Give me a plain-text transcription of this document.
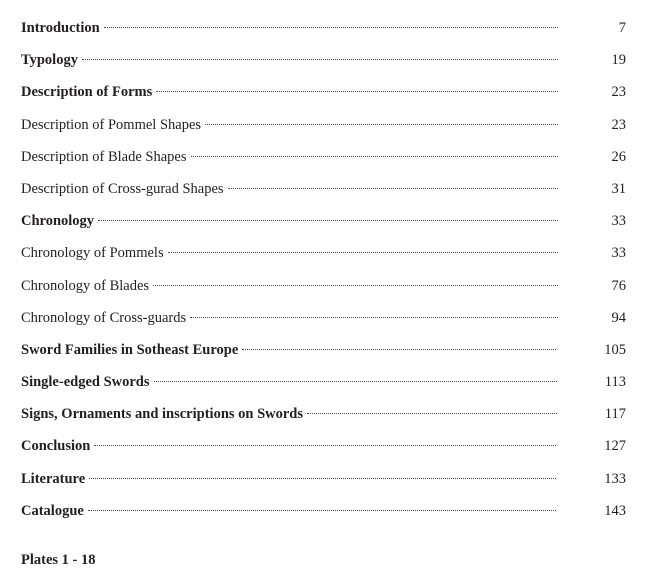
Introduction	7
Typology	19
Description of Forms	23
Description of Pommel Shapes	23
Description of Blade Shapes	26
Description of Cross-gurad Shapes	31
Chronology	33
Chronology of Pommels	33
Chronology of Blades	76
Chronology of Cross-guards	94
Sword Families in Sotheast Europe	105
Single-edged Swords	113
Signs, Ornaments and inscriptions on Swords	117
Conclusion	127
Literature	133
Catalogue	143
Plates 1 - 18
